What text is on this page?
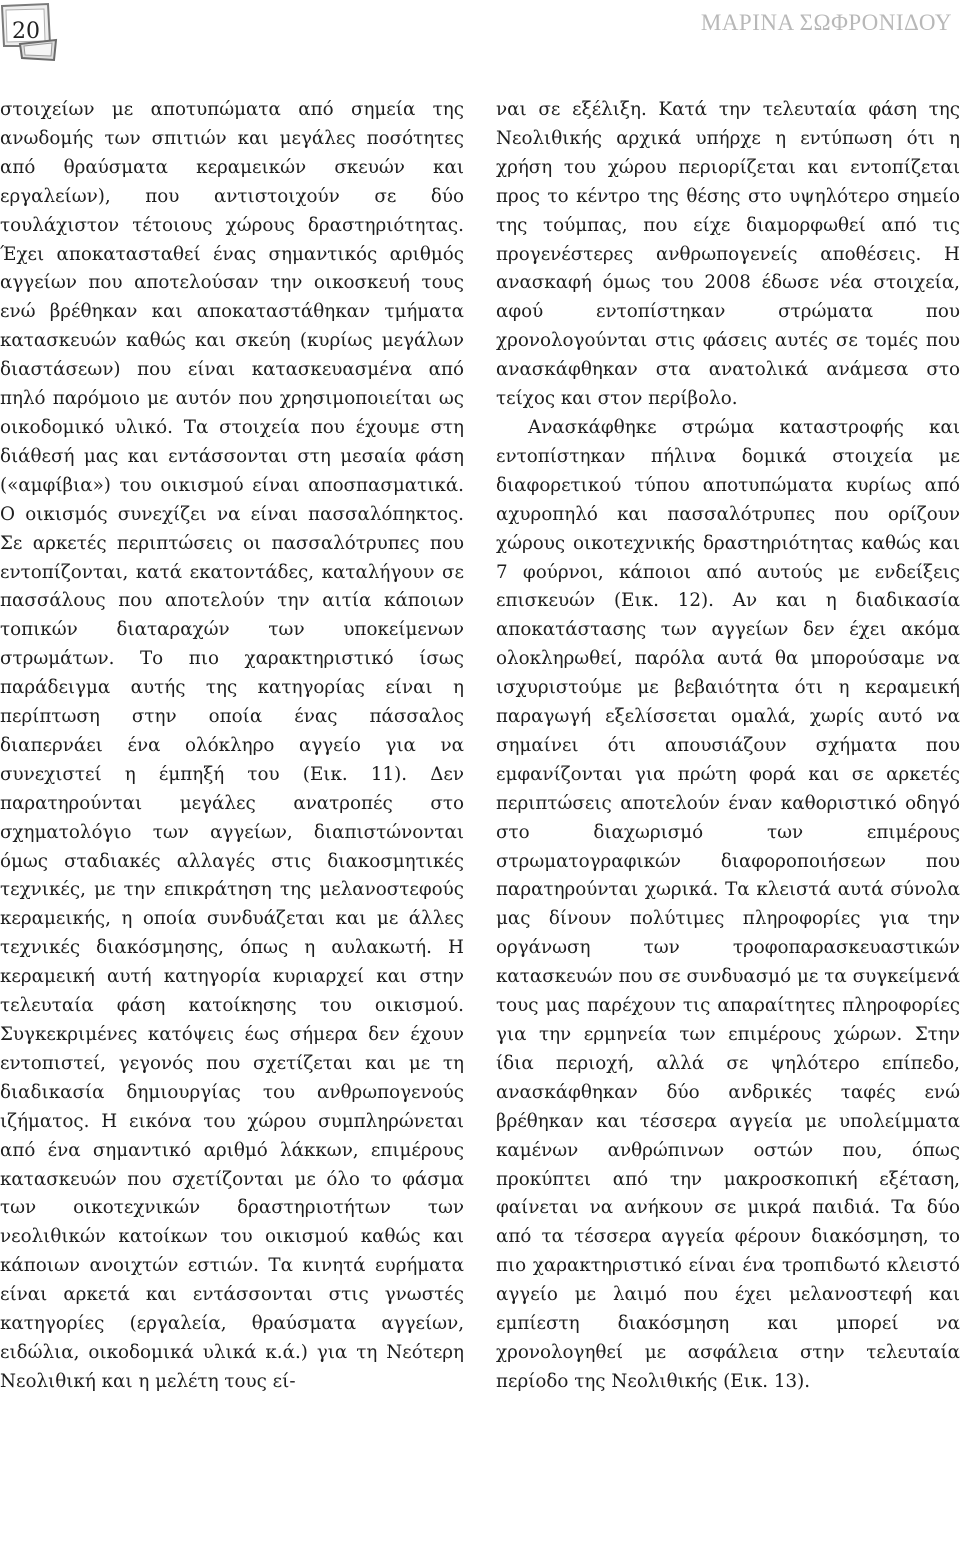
20	ΜΑΡΙΝΑ ΣΩΦΡΟΝΙΔΟΥ

στοιχείων με αποτυπώματα από σημεία της ανωδομής των σπιτιών και μεγάλες ποσότητες από θραύσματα κεραμεικών σκευών και εργαλείων), που αντιστοιχούν σε δύο τουλάχιστον τέτοιους χώρους δραστηριότητας. Έχει αποκατασταθεί ένας σημαντικός αριθμός αγγείων που αποτελούσαν την οικοσκευή τους ενώ βρέθηκαν και αποκαταστάθηκαν τμήματα κατασκευών καθώς και σκεύη (κυρίως μεγάλων διαστάσεων) που είναι κατασκευασμένα από πηλό παρόμοιο με αυτόν που χρησιμοποιείται ως οικοδομικό υλικό. Τα στοιχεία που έχουμε στη διάθεσή μας και εντάσσονται στη μεσαία φάση («αμφίβια») του οικισμού είναι αποσπασματικά. Ο οικισμός συνεχίζει να είναι πασσαλόπηκτος. Σε αρκετές περιπτώσεις οι πασσαλότρυπες που εντοπίζονται, κατά εκατοντάδες, καταλήγουν σε πασσάλους που αποτελούν την αιτία κάποιων τοπικών διαταραχών των υποκείμενων στρωμάτων. Το πιο χαρακτηριστικό ίσως παράδειγμα αυτής της κατηγορίας είναι η περίπτωση στην οποία ένας πάσσαλος διαπερνάει ένα ολόκληρο αγγείο για να συνεχιστεί η έμπηξή του (Εικ. 11). Δεν παρατηρούνται μεγάλες ανατροπές στο σχηματολόγιο των αγγείων, διαπιστώνονται όμως σταδιακές αλλαγές στις διακοσμητικές τεχνικές, με την επικράτηση της μελανοστεφούς κεραμεικής, η οποία συνδυάζεται και με άλλες τεχνικές διακόσμησης, όπως η αυλακωτή. Η κεραμεική αυτή κατηγορία κυριαρχεί και στην τελευταία φάση κατοίκησης του οικισμού. Συγκεκριμένες κατόψεις έως σήμερα δεν έχουν εντοπιστεί, γεγονός που σχετίζεται και με τη διαδικασία δημιουργίας του ανθρωπογενούς ιζήματος. Η εικόνα του χώρου συμπληρώνεται από ένα σημαντικό αριθμό λάκκων, επιμέρους κατασκευών που σχετίζονται με όλο το φάσμα των οικοτεχνικών δραστηριοτήτων των νεολιθικών κατοίκων του οικισμού καθώς και κάποιων ανοιχτών εστιών. Τα κινητά ευρήματα είναι αρκετά και εντάσσονται στις γνωστές κατηγορίες (εργαλεία, θραύσματα αγγείων, ειδώλια, οικοδομικά υλικά κ.ά.) για τη Νεότερη Νεολιθική και η μελέτη τους εί-

ναι σε εξέλιξη. Κατά την τελευταία φάση της Νεολιθικής αρχικά υπήρχε η εντύπωση ότι η χρήση του χώρου περιορίζεται και εντοπίζεται προς το κέντρο της θέσης στο υψηλότερο σημείο της τούμπας, που είχε διαμορφωθεί από τις προγενέστερες ανθρωπογενείς αποθέσεις. Η ανασκαφή όμως του 2008 έδωσε νέα στοιχεία, αφού εντοπίστηκαν στρώματα που χρονολογούνται στις φάσεις αυτές σε τομές που ανασκάφθηκαν στα ανατολικά ανάμεσα στο τείχος και στον περίβολο.

Ανασκάφθηκε στρώμα καταστροφής και εντοπίστηκαν πήλινα δομικά στοιχεία με διαφορετικού τύπου αποτυπώματα κυρίως από αχυροπηλό και πασσαλότρυπες που ορίζουν χώρους οικοτεχνικής δραστηριότητας καθώς και 7 φούρνοι, κάποιοι από αυτούς με ενδείξεις επισκευών (Εικ. 12). Αν και η διαδικασία αποκατάστασης των αγγείων δεν έχει ακόμα ολοκληρωθεί, παρόλα αυτά θα μπορούσαμε να ισχυριστούμε με βεβαιότητα ότι η κεραμεική παραγωγή εξελίσσεται ομαλά, χωρίς αυτό να σημαίνει ότι απουσιάζουν σχήματα που εμφανίζονται για πρώτη φορά και σε αρκετές περιπτώσεις αποτελούν έναν καθοριστικό οδηγό στο διαχωρισμό των επιμέρους στρωματογραφικών διαφοροποιήσεων που παρατηρούνται χωρικά. Τα κλειστά αυτά σύνολα μας δίνουν πολύτιμες πληροφορίες για την οργάνωση των τροφοπαρασκευαστικών κατασκευών που σε συνδυασμό με τα συγκείμενά τους μας παρέχουν τις απαραίτητες πληροφορίες για την ερμηνεία των επιμέρους χώρων. Στην ίδια περιοχή, αλλά σε ψηλότερο επίπεδο, ανασκάφθηκαν δύο ανδρικές ταφές ενώ βρέθηκαν και τέσσερα αγγεία με υπολείμματα καμένων ανθρώπινων οστών που, όπως προκύπτει από την μακροσκοπική εξέταση, φαίνεται να ανήκουν σε μικρά παιδιά. Τα δύο από τα τέσσερα αγγεία φέρουν διακόσμηση, το πιο χαρακτηριστικό είναι ένα τροπιδωτό κλειστό αγγείο με λαιμό που έχει μελανοστεφή και εμπίεστη διακόσμηση και μπορεί να χρονολογηθεί με ασφάλεια στην τελευταία περίοδο της Νεολιθικής (Εικ. 13).
